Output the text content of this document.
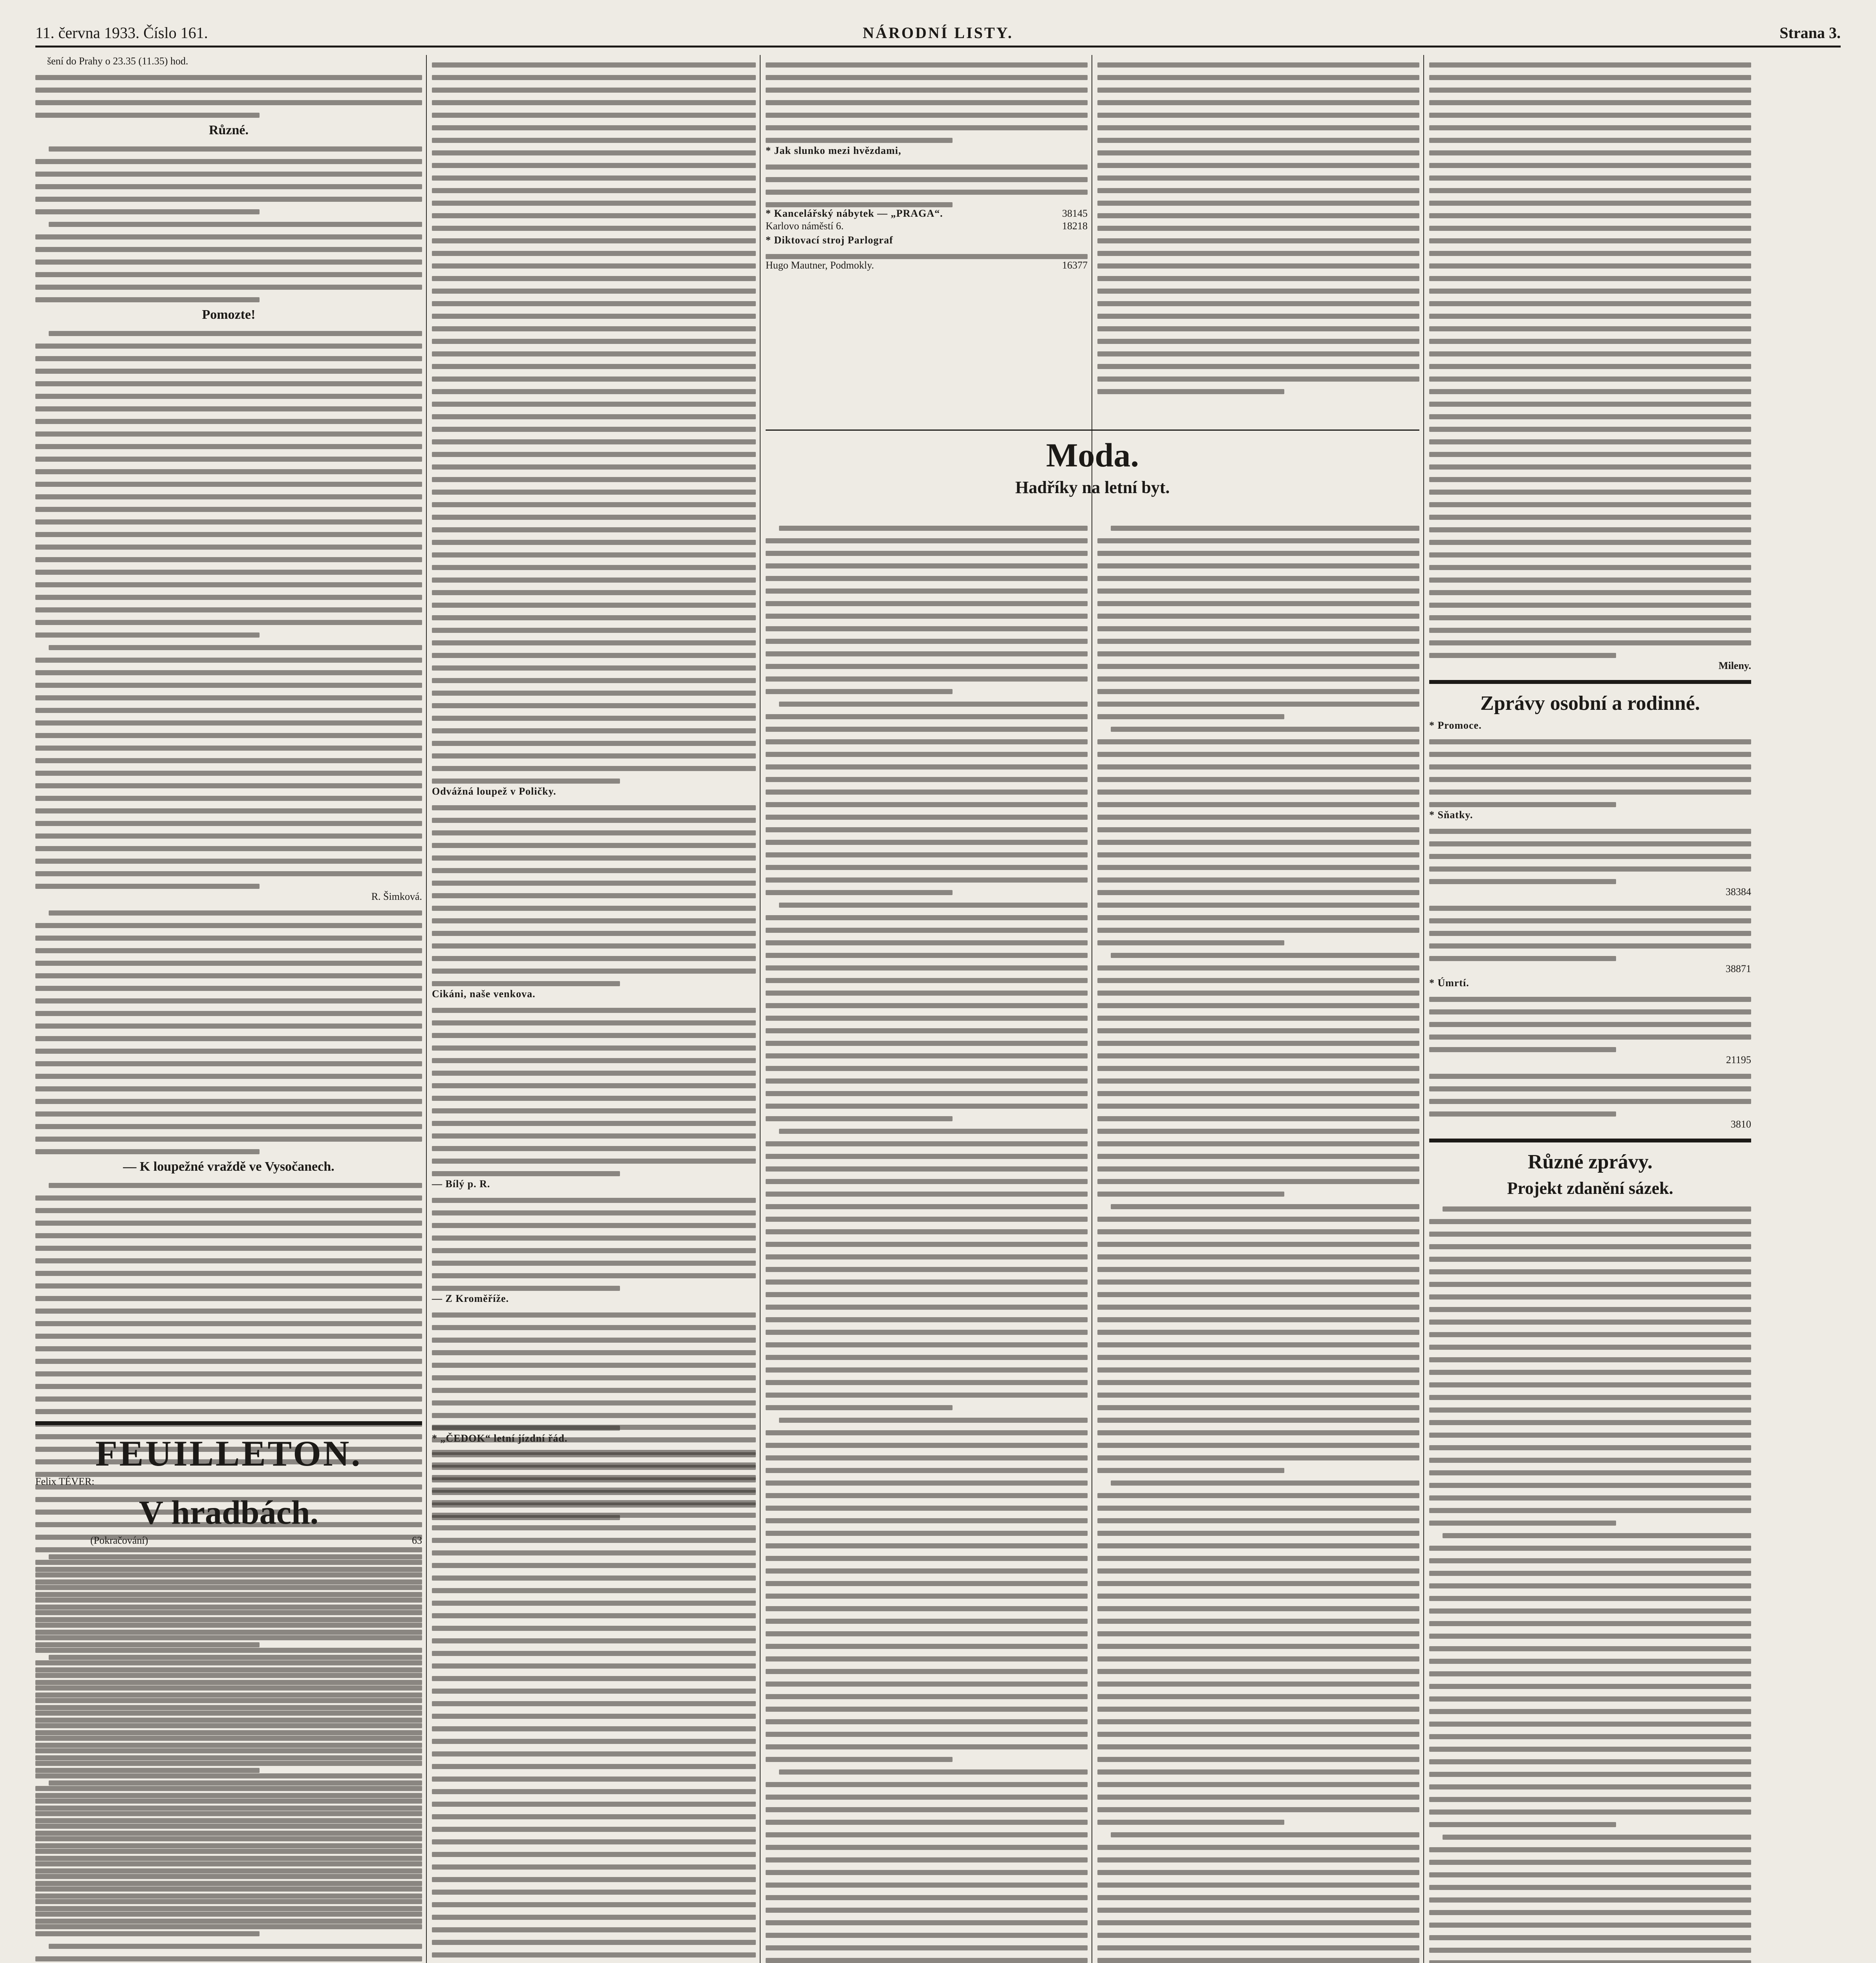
11. června 1933. Číslo 161.	NÁRODNÍ LISTY.	Strana 3.

šení do Prahy o 23.35 (11.35) hod.

Různé.
Pomozte!
R. Šimková.
— K loupežné vraždě ve Vysočanech.
FEUILLETON.
Felix TÉVER:
V hradbách.
(Pokračování)	63
Odvážná loupež v Poličky.
Cikáni, naše venkova.
— Bílý p. R.
— Z Kroměříže.
* Jak slunko mezi hvězdami,
* Kancelářský nábytek — „PRAGA“.	38145
Karlovo náměstí 6.	18218
* Diktovací stroj Parlograf
Hugo Mautner, Podmokly.	16377
Moda.
Hadříky na letní byt.
Mileny.
Zprávy osobní a rodinné.
* Promoce.
* Sňatky.
38384
38871
* Úmrtí.
21195
3810
Různé zprávy.
Projekt zdanění sázek.
